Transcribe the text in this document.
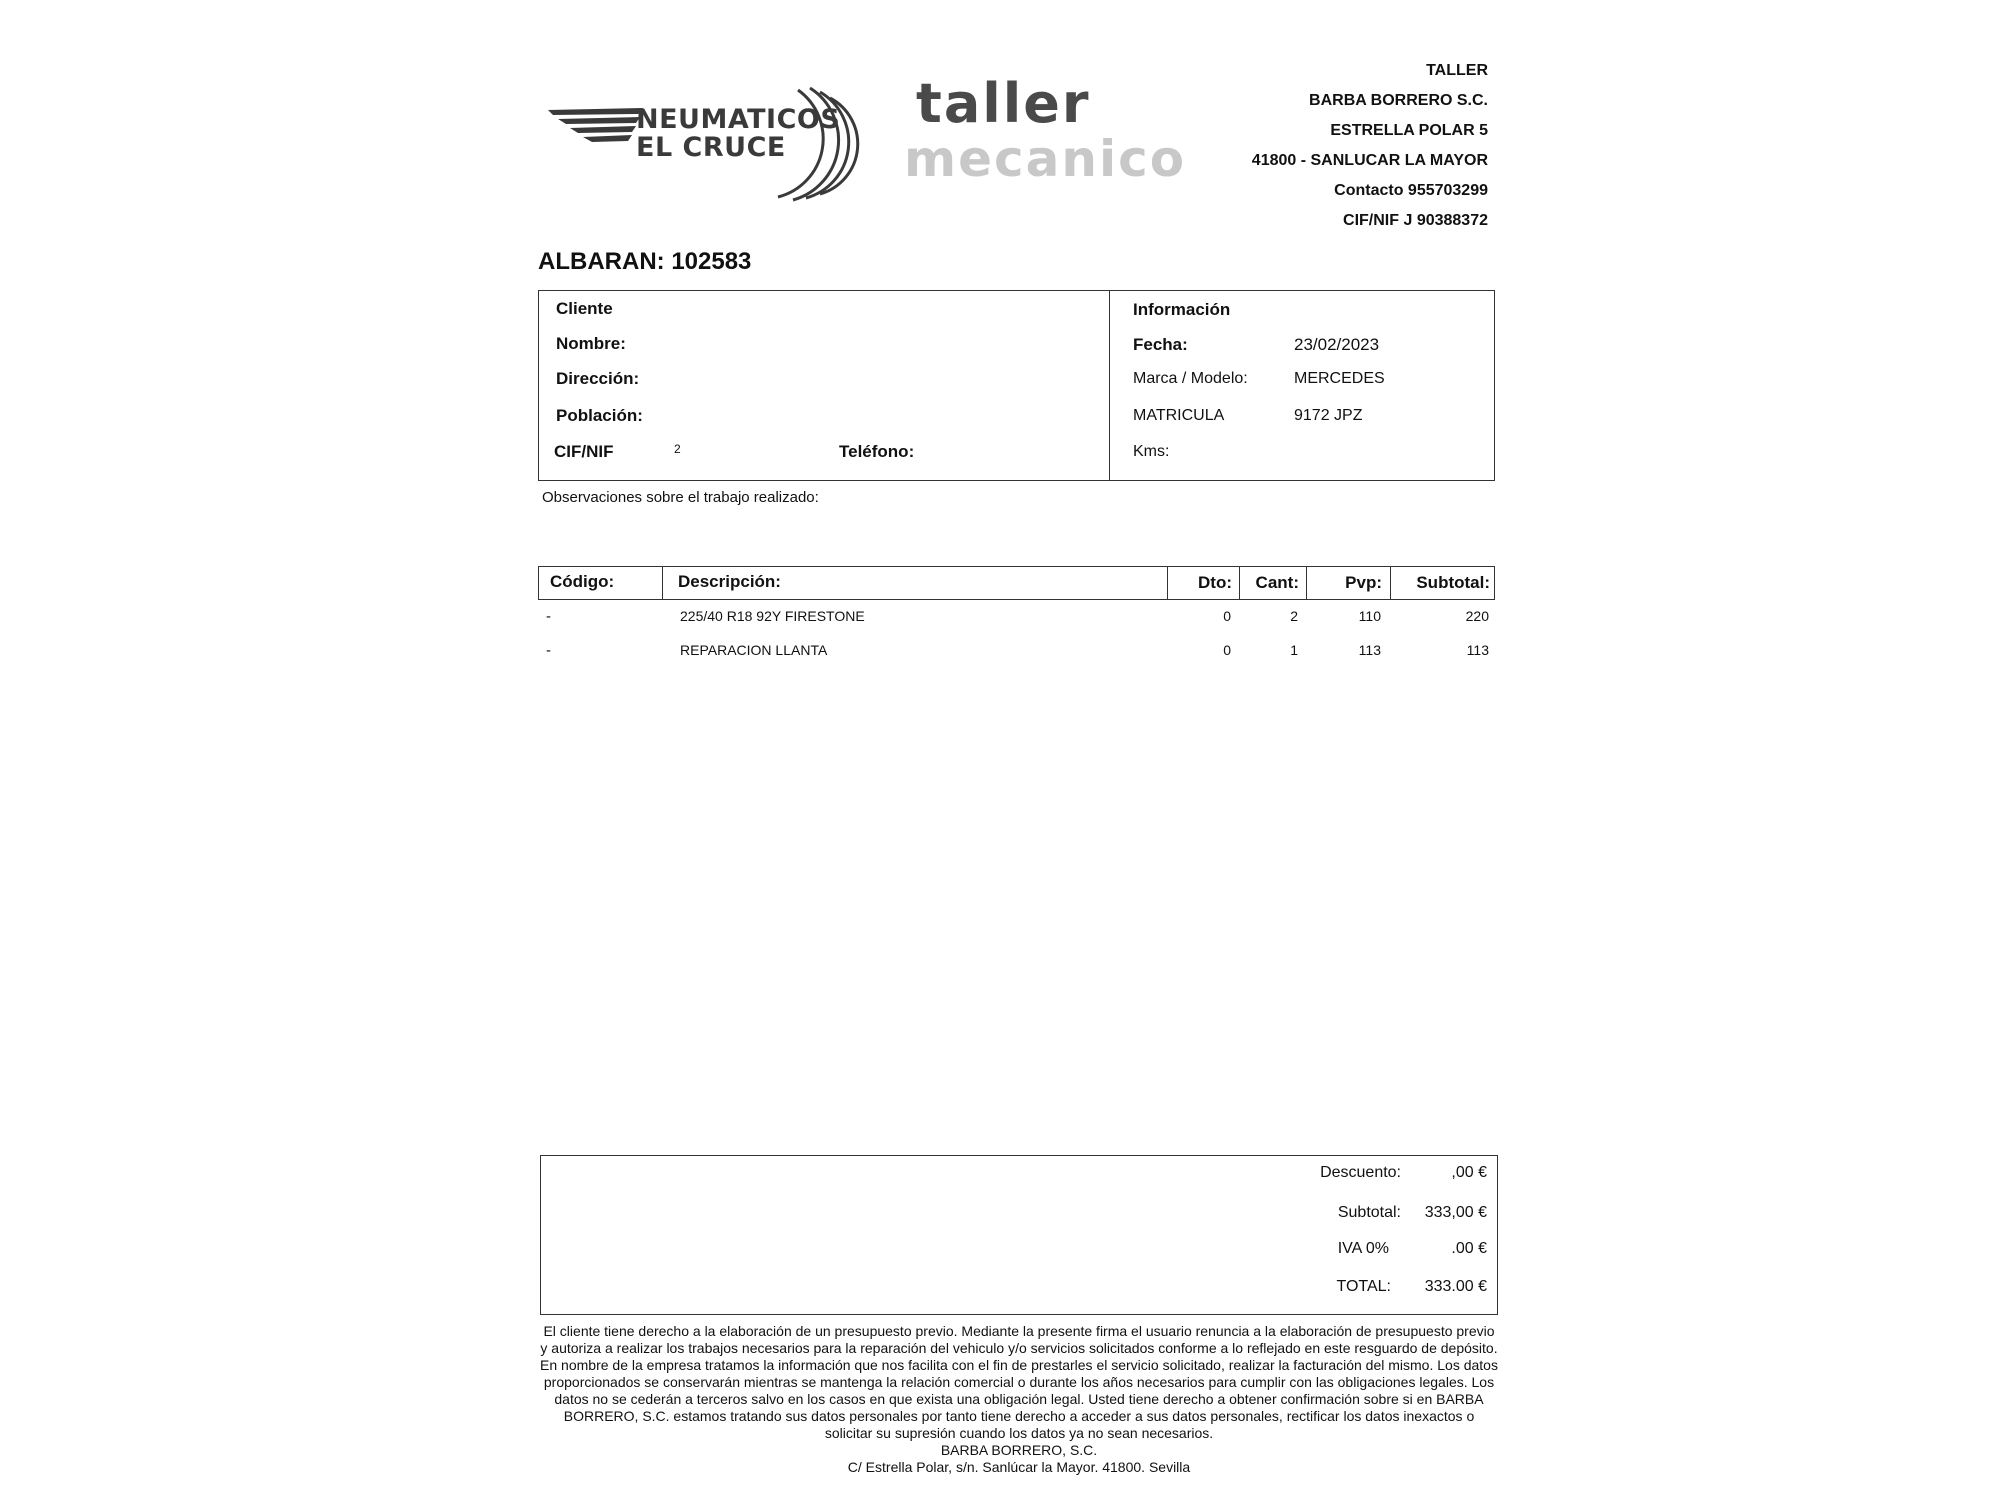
NEUMATICOS
EL CRUCE
taller
mecanico
TALLER
BARBA BORRERO S.C.
ESTRELLA POLAR 5
41800 - SANLUCAR LA MAYOR
Contacto 955703299
CIF/NIF J 90388372
ALBARAN: 102583
Cliente
Nombre:
Dirección:
Población:
CIF/NIF	2	Teléfono:
Información
Fecha:	23/02/2023
Marca / Modelo:	MERCEDES
MATRICULA	9172 JPZ
Kms:
Observaciones sobre el trabajo realizado:
Código:	Descripción:	Dto:	Cant:	Pvp:	Subtotal:
-	225/40 R18 92Y FIRESTONE	0	2	110	220
-	REPARACION LLANTA	0	1	113	113
Descuento:	,00 €
Subtotal:	333,00 €
IVA 0%	.00 €
TOTAL:	333.00 €
El cliente tiene derecho a la elaboración de un presupuesto previo. Mediante la presente firma el usuario renuncia a la elaboración de presupuesto previo y autoriza a realizar los trabajos necesarios para la reparación del vehiculo y/o servicios solicitados conforme a lo reflejado en este resguardo de depósito.
En nombre de la empresa tratamos la información que nos facilita con el fin de prestarles el servicio solicitado, realizar la facturación del mismo. Los datos proporcionados se conservarán mientras se mantenga la relación comercial o durante los años necesarios para cumplir con las obligaciones legales. Los datos no se cederán a terceros salvo en los casos en que exista una obligación legal. Usted tiene derecho a obtener confirmación sobre si en BARBA BORRERO, S.C. estamos tratando sus datos personales por tanto tiene derecho a acceder a sus datos personales, rectificar los datos inexactos o solicitar su supresión cuando los datos ya no sean necesarios.
BARBA BORRERO, S.C.
C/ Estrella Polar, s/n. Sanlúcar la Mayor. 41800. Sevilla
